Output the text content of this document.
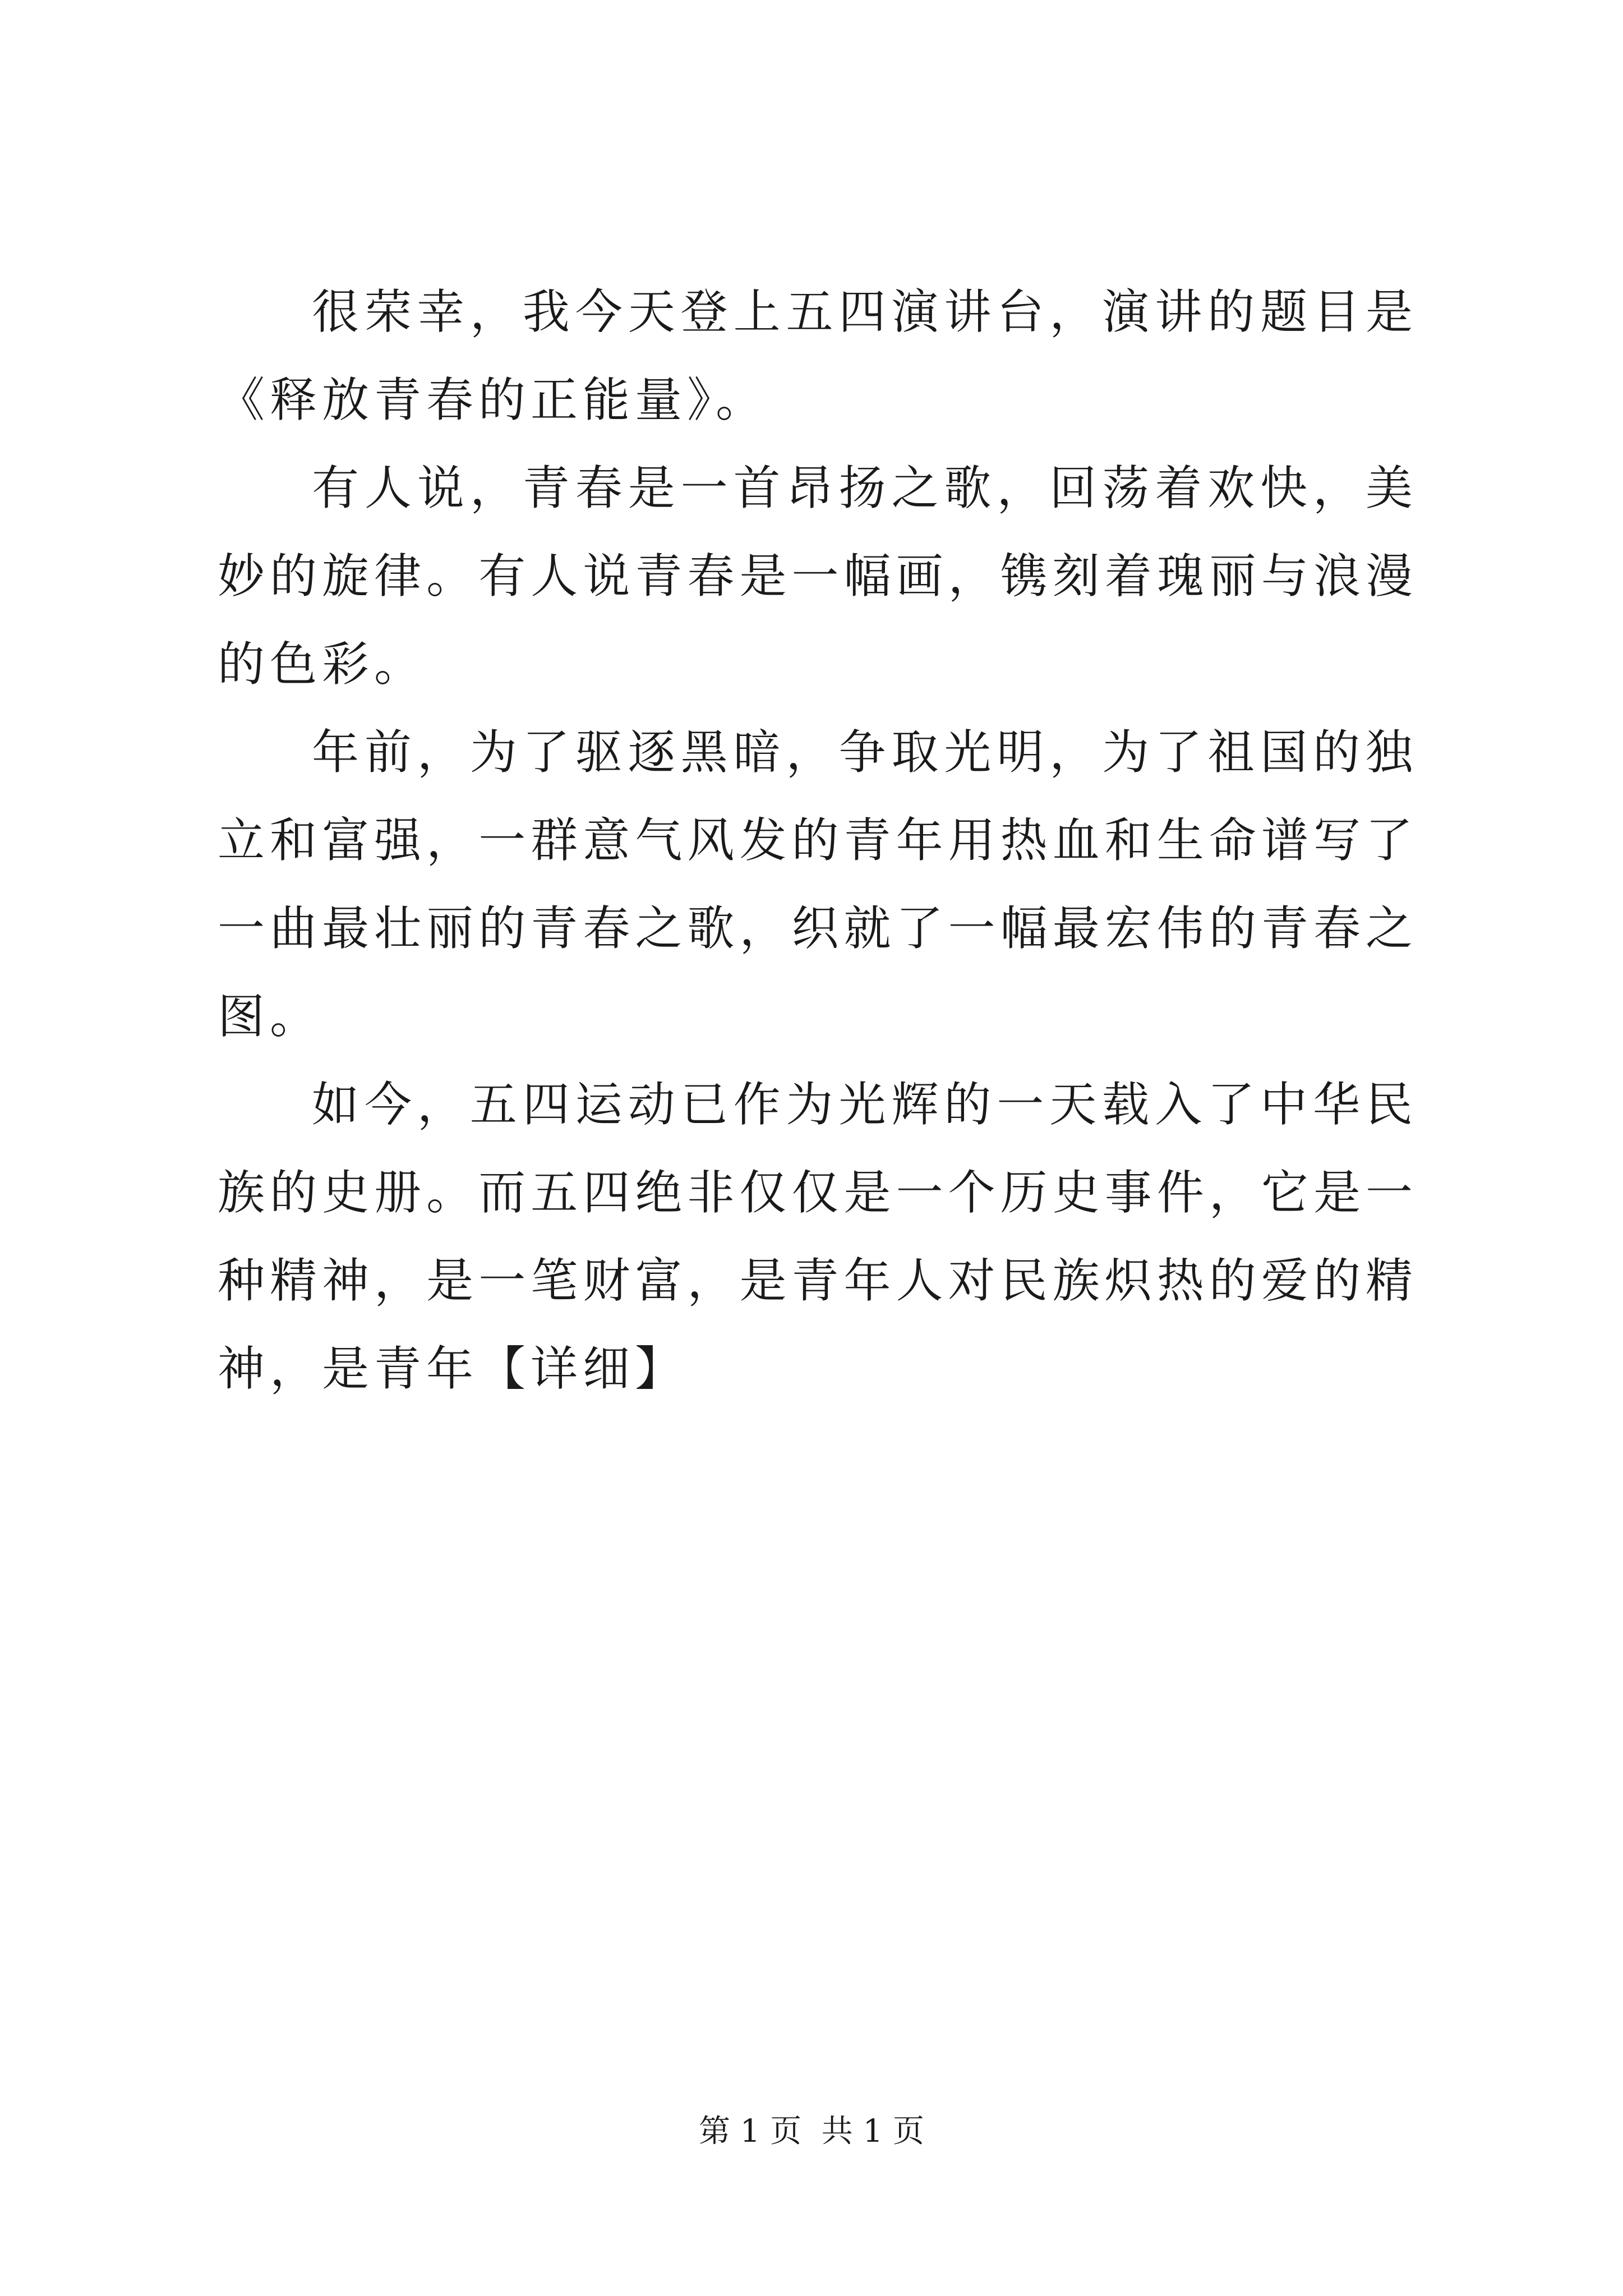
很荣幸，我今天登上五四演讲台，演讲的题目是《释放青春的正能量》。

有人说，青春是一首昂扬之歌，回荡着欢快，美妙的旋律。有人说青春是一幅画，镌刻着瑰丽与浪漫的色彩。

年前，为了驱逐黑暗，争取光明，为了祖国的独立和富强，一群意气风发的青年用热血和生命谱写了一曲最壮丽的青春之歌，织就了一幅最宏伟的青春之图。

如今，五四运动已作为光辉的一天载入了中华民族的史册。而五四绝非仅仅是一个历史事件，它是一种精神，是一笔财富，是青年人对民族炽热的爱的精神，是青年【详细】

第 1 页  共 1 页
